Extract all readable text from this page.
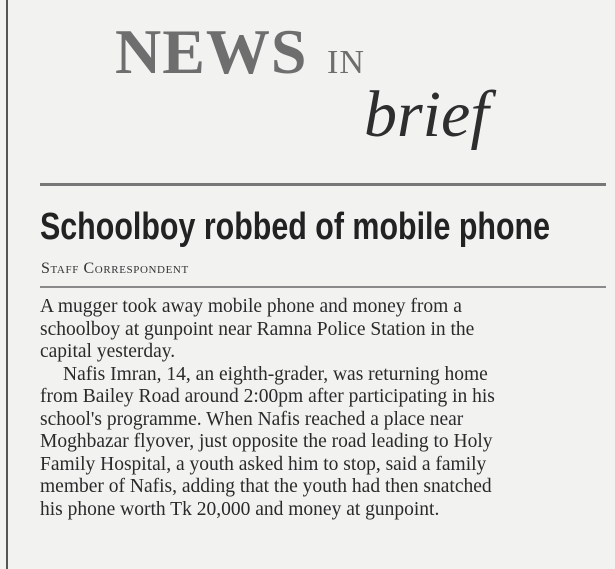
NEWS IN
brief
Schoolboy robbed of mobile phone
Staff Correspondent
A mugger took away mobile phone and money from a
schoolboy at gunpoint near Ramna Police Station in the
capital yesterday.
Nafis Imran, 14, an eighth-grader, was returning home
from Bailey Road around 2:00pm after participating in his
school's programme. When Nafis reached a place near
Moghbazar flyover, just opposite the road leading to Holy
Family Hospital, a youth asked him to stop, said a family
member of Nafis, adding that the youth had then snatched
his phone worth Tk 20,000 and money at gunpoint.
